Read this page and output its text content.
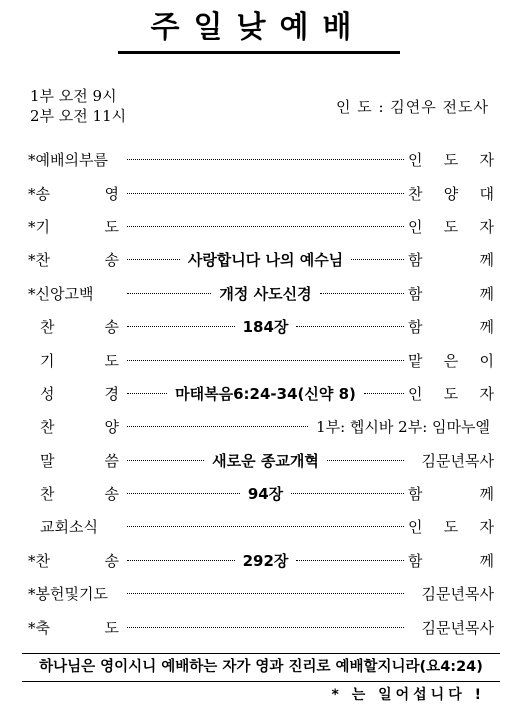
주일낮예배
1부 오전 9시
2부 오전 11시	인 도 : 김연우 전도사
*예배의부름	인 도 자
*송	영	찬 양 대
*기	도	인 도 자
*찬	송	사랑합니다 나의 예수님	함	께
*신앙고백	개정 사도신경	함	께
찬	송	184장	함	께
기	도	맡 은 이
성	경	마태복음6:24-34(신약 8)	인 도 자
찬	양	1부: 헵시바 2부: 임마누엘
말	씀	새로운 종교개혁	김문년목사
찬	송	94장	함	께
교회소식	인 도 자
*찬	송	292장	함	께
*봉헌및기도	김문년목사
*축	도	김문년목사
하나님은 영이시니 예배하는 자가 영과 진리로 예배할지니라(요4:24)
* 는 일어섭니다 !
